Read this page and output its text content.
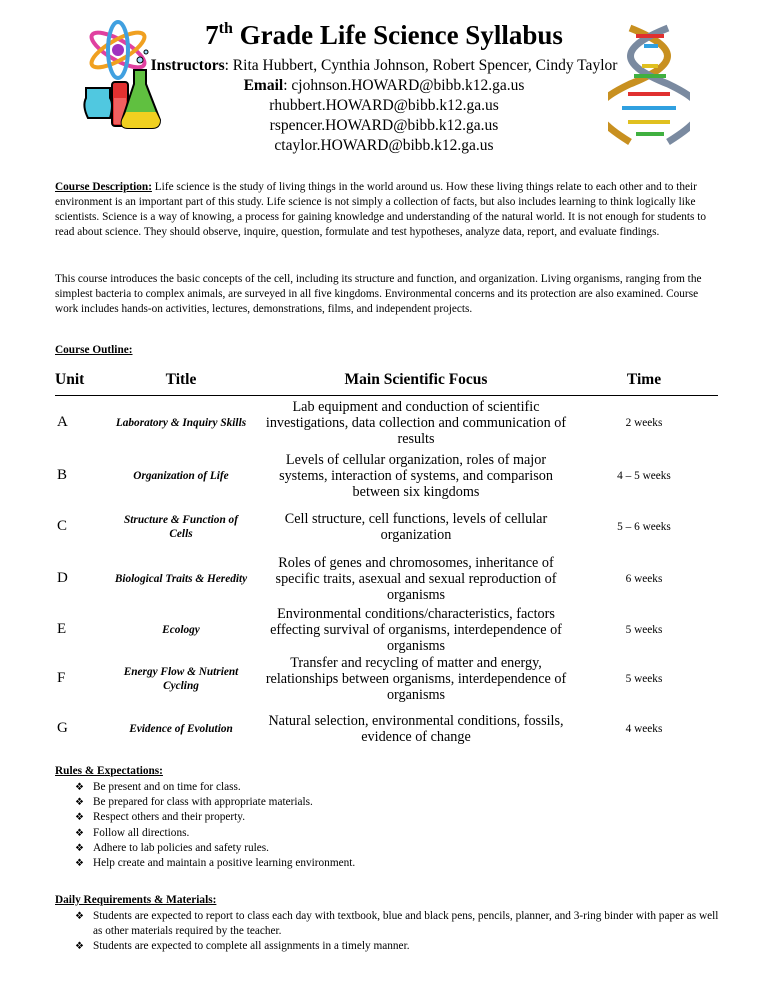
7th Grade Life Science Syllabus
Instructors: Rita Hubbert, Cynthia Johnson, Robert Spencer, Cindy Taylor
Email: cjohnson.HOWARD@bibb.k12.ga.us
rhubbert.HOWARD@bibb.k12.ga.us
rspencer.HOWARD@bibb.k12.ga.us
ctaylor.HOWARD@bibb.k12.ga.us
Course Description: Life science is the study of living things in the world around us. How these living things relate to each other and to their environment is an important part of this study. Life science is not simply a collection of facts, but also includes learning to think logically like scientists. Science is a way of knowing, a process for gaining knowledge and understanding of the natural world. It is not enough for students to read about science. They should observe, inquire, question, formulate and test hypotheses, analyze data, report, and evaluate findings.
This course introduces the basic concepts of the cell, including its structure and function, and organization. Living organisms, ranging from the simplest bacteria to complex animals, are surveyed in all five kingdoms. Environmental concerns and its protection are also examined. Course work includes hands-on activities, lectures, demonstrations, films, and independent projects.
Course Outline:
Unit	Title	Main Scientific Focus	Time
A	Laboratory & Inquiry Skills	Lab equipment and conduction of scientific investigations, data collection and communication of results	2 weeks
B	Organization of Life	Levels of cellular organization, roles of major systems, interaction of systems, and comparison between six kingdoms	4 – 5 weeks
C	Structure & Function of Cells	Cell structure, cell functions, levels of cellular organization	5 – 6 weeks
D	Biological Traits & Heredity	Roles of genes and chromosomes, inheritance of specific traits, asexual and sexual reproduction of organisms	6 weeks
E	Ecology	Environmental conditions/characteristics, factors effecting survival of organisms, interdependence of organisms	5 weeks
F	Energy Flow & Nutrient Cycling	Transfer and recycling of matter and energy, relationships between organisms, interdependence of organisms	5 weeks
G	Evidence of Evolution	Natural selection, environmental conditions, fossils, evidence of change	4 weeks
Rules & Expectations:
❖ Be present and on time for class.
❖ Be prepared for class with appropriate materials.
❖ Respect others and their property.
❖ Follow all directions.
❖ Adhere to lab policies and safety rules.
❖ Help create and maintain a positive learning environment.
Daily Requirements & Materials:
❖ Students are expected to report to class each day with textbook, blue and black pens, pencils, planner, and 3-ring binder with paper as well as other materials required by the teacher.
❖ Students are expected to complete all assignments in a timely manner.
